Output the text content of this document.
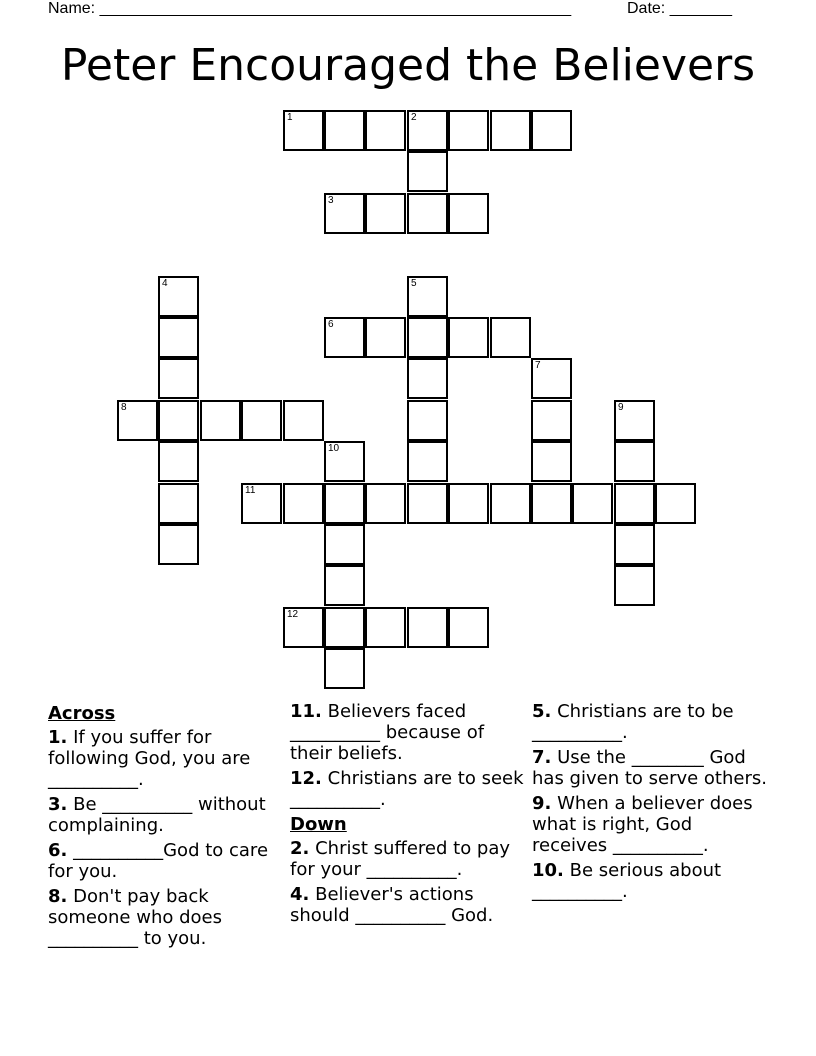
Name: _____________________________________________________	Date: _______
Peter Encouraged the Believers
1	2
3
4	5
6
7
8	9
10
11
12
Across
1. If you suffer for following God, you are __________.
3. Be __________ without complaining.
6. __________God to care for you.
8. Don't pay back someone who does __________ to you.
11. Believers faced __________ because of their beliefs.
12. Christians are to seek __________.
Down
2. Christ suffered to pay for your __________.
4. Believer's actions should __________ God.
5. Christians are to be __________.
7. Use the ________ God has given to serve others.
9. When a believer does what is right, God receives __________.
10. Be serious about __________.
